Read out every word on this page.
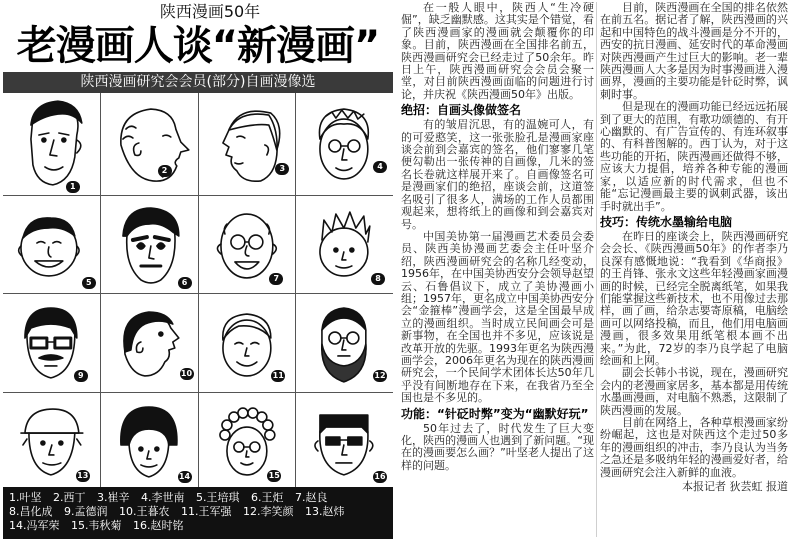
陕西漫画50年
老漫画人谈“新漫画”
陕西漫画研究会会员(部分)自画漫像选
1
2	3	4
5	6	7	8
9	10	11	12
13	14	15	16
1.叶坚 2.西丁 3.崔辛 4.李世南 5.王培琪 6.王炬 7.赵良 8.昌化成 9.孟德润 10.王暮农 11.王军强 12.李笑颜 13.赵炜 14.冯军荣 15.韦秋菊 16.赵时铭

在一般人眼中，陕西人“生冷硬倔”，缺乏幽默感。这其实是个错觉，看了陕西漫画家的漫画就会颠覆你的印象。目前，陕西漫画在全国排名前五，陕西漫画研究会已经走过了50余年。昨日上午，陕西漫画研究会会员会聚一堂，对目前陕西漫画面临的问题进行讨论，并庆祝《陕西漫画50年》出版。

绝招：自画头像做签名

有的皱眉沉思，有的温婉可人，有的可爱憨笑，这一张张脸孔是漫画家座谈会前到会嘉宾的签名，他们寥寥几笔便勾勒出一张传神的自画像，几米的签名长卷就这样展开来了。自画像签名可是漫画家们的绝招，座谈会前，这道签名吸引了很多人，满场的工作人员都围观起来，想将纸上的画像和到会嘉宾对号。

中国美协第一届漫画艺术委员会委员、陕西美协漫画艺委会主任叶坚介绍，陕西漫画研究会的名称几经变动，1956年，在中国美协西安分会领导赵望云、石鲁倡议下，成立了美协漫画小组；1957年，更名成立中国美协西安分会“金箍棒”漫画学会，这是全国最早成立的漫画组织。当时成立民间画会可是新事物，在全国也并不多见，应该说是改革开放的先驱。1993年更名为陕西漫画学会，2006年更名为现在的陕西漫画研究会，一个民间学术团体长达50年几乎没有间断地存在下来，在我省乃至全国也是不多见的。

功能：“针砭时弊”变为“幽默好玩”

50年过去了，时代发生了巨大变化，陕西的漫画人也遇到了新问题。“现在的漫画要怎么画？”叶坚老人提出了这样的问题。

目前，陕西漫画在全国的排名依然在前五名。据记者了解，陕西漫画的兴起和中国特色的战斗漫画是分不开的，西安的抗日漫画、延安时代的革命漫画对陕西漫画产生过巨大的影响。老一辈陕西漫画人大多是因为时事漫画进入漫画界，漫画的主要功能是针砭时弊，讽刺时事。

但是现在的漫画功能已经远远拓展到了更大的范围，有歌功颂德的、有开心幽默的、有广告宣传的、有连环叙事的、有科普图解的。西丁认为，对于这些功能的开拓，陕西漫画还做得不够，应该大力提倡，培养各种专能的漫画家，以适应新的时代需求，但也不能“忘记漫画最主要的讽刺武器，该出手时就出手”。

技巧：传统水墨输给电脑

在昨日的座谈会上，陕西漫画研究会会长、《陕西漫画50年》的作者李乃良深有感慨地说：“我看到《华商报》的王肖锋、张永文这些年轻漫画家画漫画的时候，已经完全脱离纸笔，如果我们能掌握这些新技术，也不用像过去那样，画了画，给杂志要寄原稿，电脑绘画可以网络投稿，而且，他们用电脑画漫画，很多效果用纸笔根本画不出来。”为此，72岁的李乃良学起了电脑绘画和上网。

副会长韩小书说，现在，漫画研究会内的老漫画家居多，基本都是用传统水墨画漫画，对电脑不熟悉，这限制了陕西漫画的发展。

目前在网络上，各种草根漫画家纷纷崛起，这也是对陕西这个走过50多年的漫画组织的冲击，李乃良认为当务之急还是多吸纳年轻的漫画爱好者，给漫画研究会注入新鲜的血液。

本报记者 狄芸虹 报道
